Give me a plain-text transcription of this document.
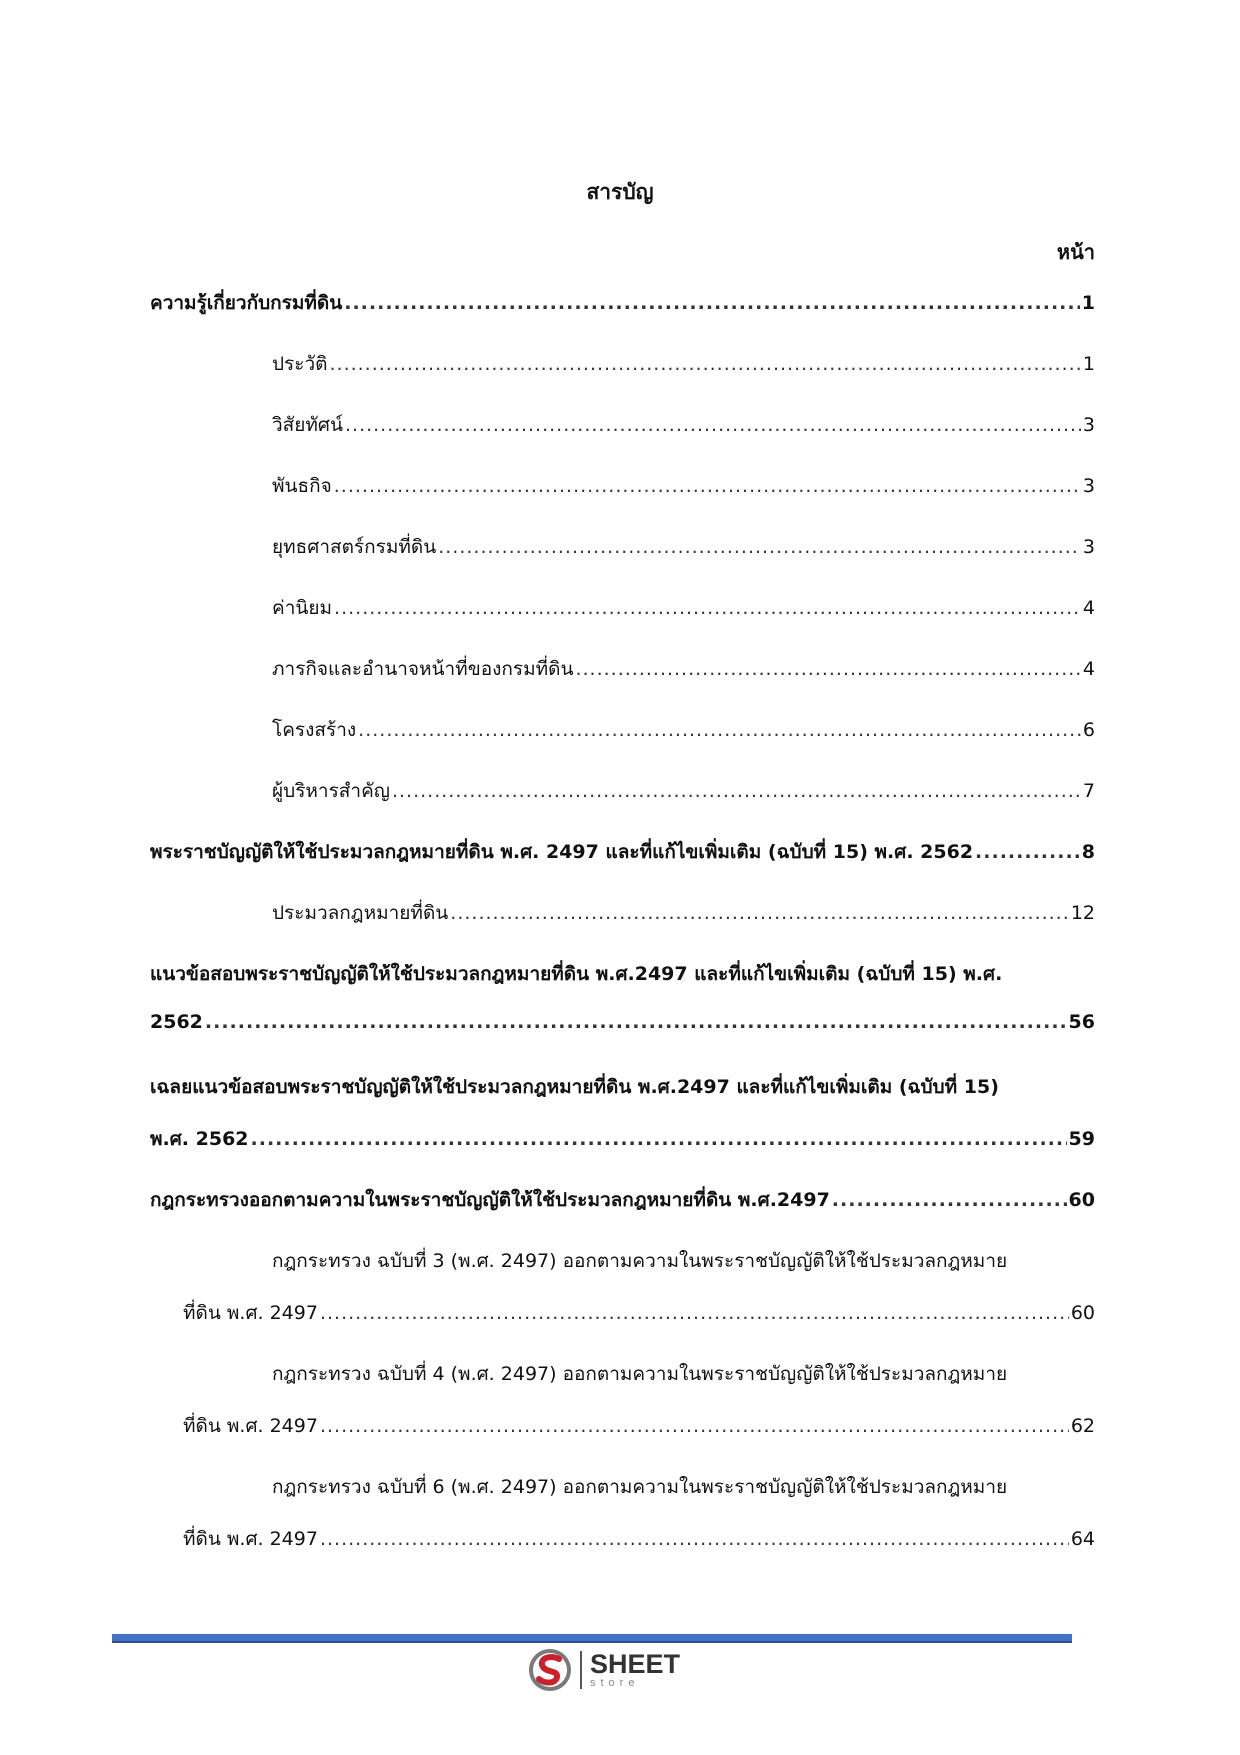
สารบัญ
หน้า
ความรู้เกี่ยวกับกรมที่ดิน .....	1
ประวัติ .....	1
วิสัยทัศน์ .....	3
พันธกิจ .....	3
ยุทธศาสตร์กรมที่ดิน .....	3
ค่านิยม .....	4
ภารกิจและอำนาจหน้าที่ของกรมที่ดิน .....	4
โครงสร้าง .....	6
ผู้บริหารสำคัญ .....	7
พระราชบัญญัติให้ใช้ประมวลกฎหมายที่ดิน พ.ศ. 2497 และที่แก้ไขเพิ่มเติม (ฉบับที่ 15) พ.ศ. 2562 .....	8
ประมวลกฎหมายที่ดิน .....	12
แนวข้อสอบพระราชบัญญัติให้ใช้ประมวลกฎหมายที่ดิน พ.ศ.2497 และที่แก้ไขเพิ่มเติม (ฉบับที่ 15) พ.ศ.
2562 .....	56
เฉลยแนวข้อสอบพระราชบัญญัติให้ใช้ประมวลกฎหมายที่ดิน พ.ศ.2497 และที่แก้ไขเพิ่มเติม (ฉบับที่ 15)
พ.ศ. 2562 .....	59
กฎกระทรวงออกตามความในพระราชบัญญัติให้ใช้ประมวลกฎหมายที่ดิน พ.ศ.2497 .....	60
กฎกระทรวง ฉบับที่ 3 (พ.ศ. 2497) ออกตามความในพระราชบัญญัติให้ใช้ประมวลกฎหมาย
ที่ดิน พ.ศ. 2497 .....	60
กฎกระทรวง ฉบับที่ 4 (พ.ศ. 2497) ออกตามความในพระราชบัญญัติให้ใช้ประมวลกฎหมาย
ที่ดิน พ.ศ. 2497 .....	62
กฎกระทรวง ฉบับที่ 6 (พ.ศ. 2497) ออกตามความในพระราชบัญญัติให้ใช้ประมวลกฎหมาย
ที่ดิน พ.ศ. 2497 .....	64
SHEET
store
